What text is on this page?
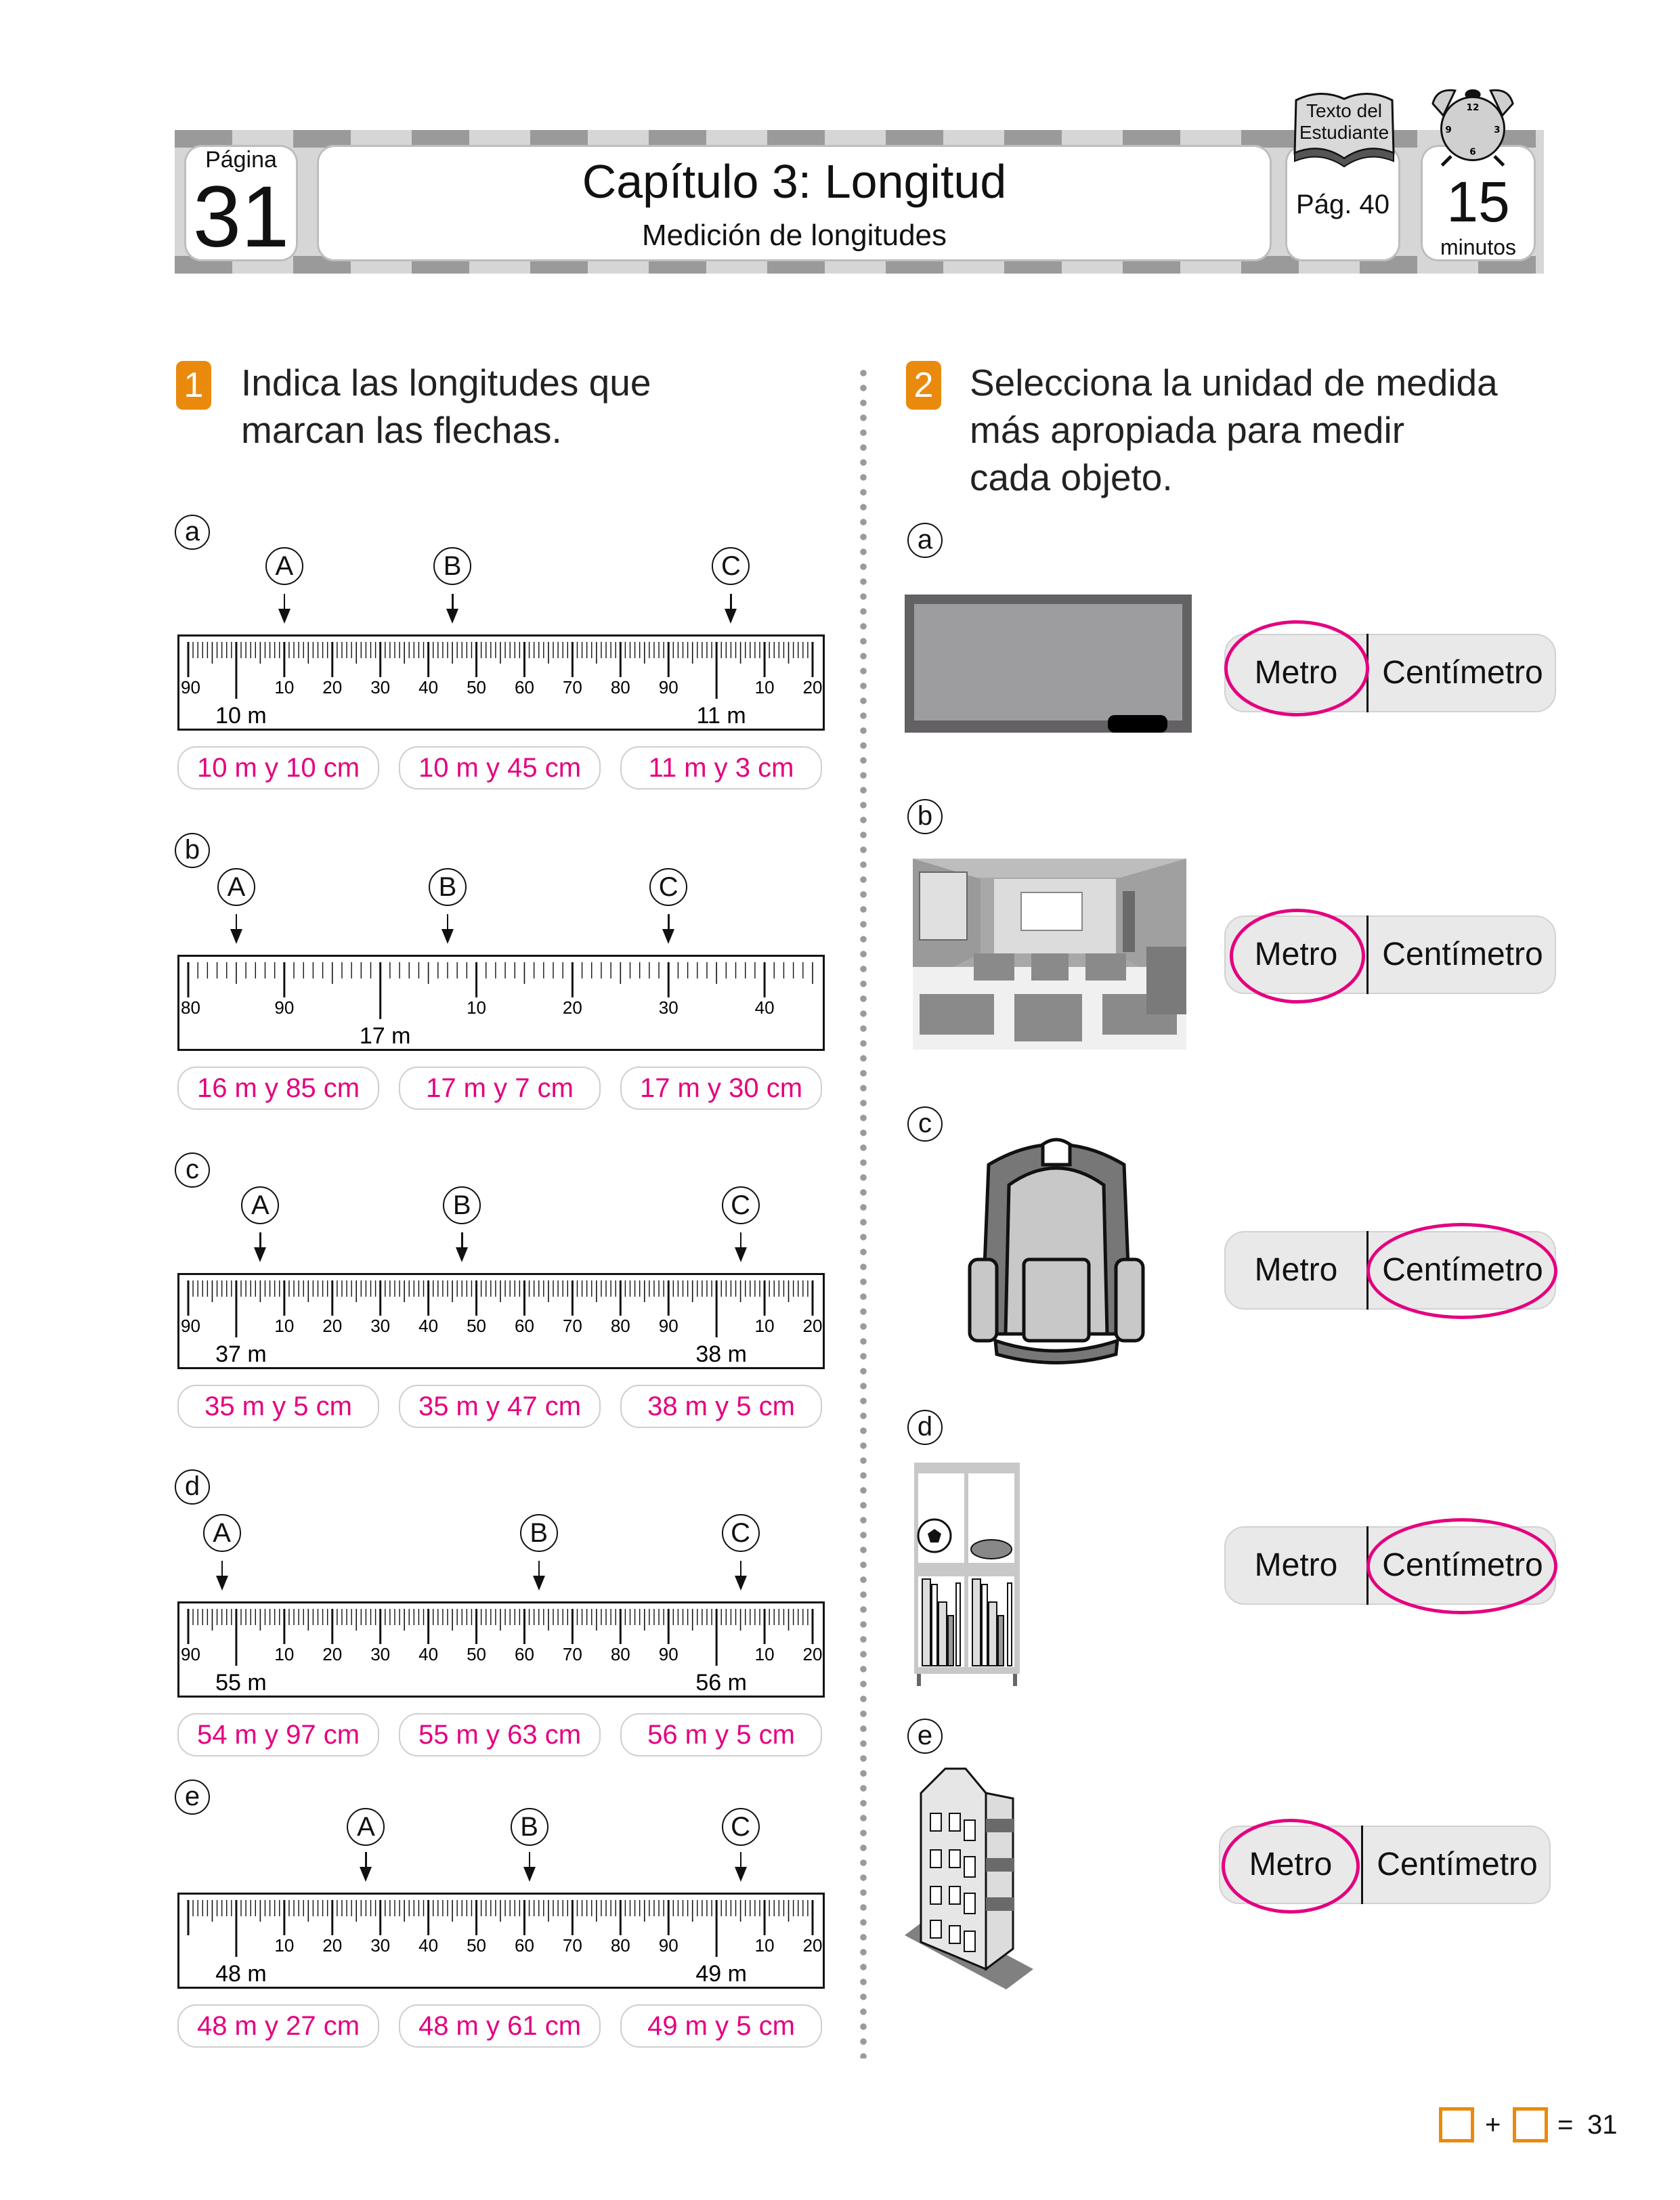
Página
31	Capítulo 3: Longitud
Medición de longitudes
Texto del Estudiante
Pág. 40
12
3
6
9
15
minutos
1 Indica las longitudes que
marcan las flechas.
a
A	B	C
90	10 20 30 40 50 60 70 80 90	10 20
10 m	11 m
10 m y 10 cm	10 m y 45 cm	11 m y 3 cm
b
A	B	C
80	90	10	20	30	40
17 m
16 m y 85 cm	17 m y 7 cm	17 m y 30 cm
c
A	B	C
90	10 20 30 40 50 60 70 80 90	10 20
37 m	38 m
35 m y 5 cm	35 m y 47 cm	38 m y 5 cm
d
A	B	C
90	10 20 30 40 50 60 70 80 90	10 20
55 m	56 m
54 m y 97 cm	55 m y 63 cm	56 m y 5 cm
e
A	B	C
10 20 30 40 50 60 70 80 90	10 20
48 m	49 m
48 m y 27 cm	48 m y 61 cm	49 m y 5 cm
2 Selecciona la unidad de medida
más apropiada para medir
cada objeto.
a
Metro	Centímetro
b
Metro	Centímetro
c
Metro	Centímetro
d
Metro	Centímetro
e
Metro	Centímetro
+ = 31
